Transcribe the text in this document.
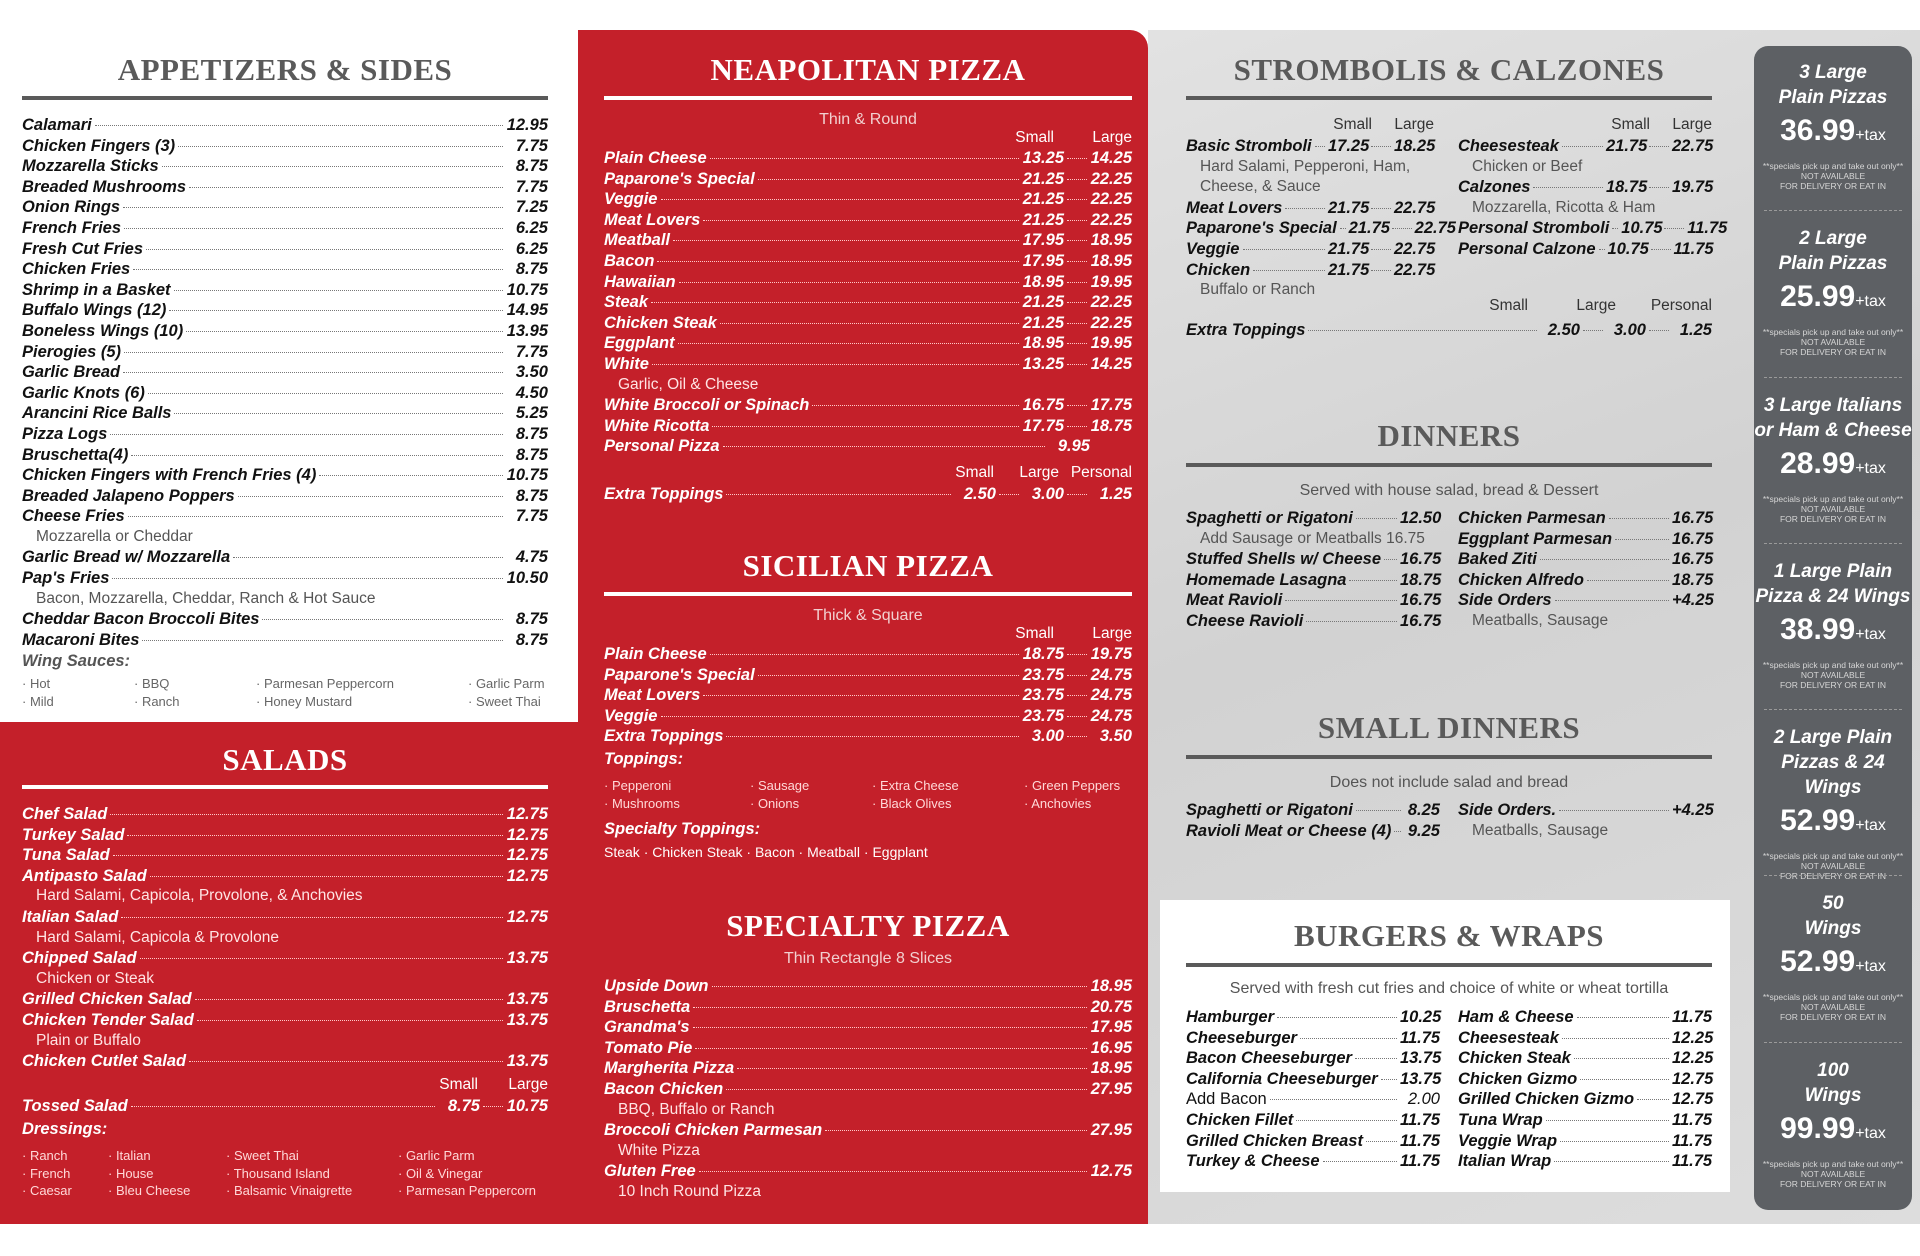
APPETIZERS & SIDES
Calamari	12.95
Chicken Fingers (3)	7.75
Mozzarella Sticks	8.75
Breaded Mushrooms	7.75
Onion Rings	7.25
French Fries	6.25
Fresh Cut Fries	6.25
Chicken Fries	8.75
Shrimp in a Basket	10.75
Buffalo Wings (12)	14.95
Boneless Wings (10)	13.95
Pierogies (5)	7.75
Garlic Bread	3.50
Garlic Knots (6)	4.50
Arancini Rice Balls	5.25
Pizza Logs	8.75
Bruschetta(4)	8.75
Chicken Fingers with French Fries (4)	10.75
Breaded Jalapeno Poppers	8.75
Cheese Fries	7.75
Mozzarella or Cheddar
Garlic Bread w/ Mozzarella	4.75
Pap's Fries	10.50
Bacon, Mozzarella, Cheddar, Ranch & Hot Sauce
Cheddar Bacon Broccoli Bites	8.75
Macaroni Bites	8.75
Wing Sauces:
· Hot	· BBQ	· Parmesan Peppercorn	· Garlic Parm
· Mild	· Ranch	· Honey Mustard	· Sweet Thai
SALADS
Chef Salad	12.75
Turkey Salad	12.75
Tuna Salad	12.75
Antipasto Salad	12.75
Hard Salami, Capicola, Provolone, & Anchovies
Italian Salad	12.75
Hard Salami, Capicola & Provolone
Chipped Salad	13.75
Chicken or Steak
Grilled Chicken Salad	13.75
Chicken Tender Salad	13.75
Plain or Buffalo
Chicken Cutlet Salad	13.75
Small	Large
Tossed Salad	8.75 10.75
Dressings:
· Ranch	· Italian	· Sweet Thai	· Garlic Parm
· French	· House	· Thousand Island	· Oil & Vinegar
· Caesar	· Bleu Cheese	· Balsamic Vinaigrette	· Parmesan Peppercorn
NEAPOLITAN PIZZA
Thin & Round
Small	Large
Plain Cheese	13.25 14.25
Paparone's Special	21.25 22.25
Veggie	21.25 22.25
Meat Lovers	21.25 22.25
Meatball	17.95 18.95
Bacon	17.95 18.95
Hawaiian	18.95 19.95
Steak	21.25 22.25
Chicken Steak	21.25 22.25
Eggplant	18.95 19.95
White	13.25 14.25
Garlic, Oil & Cheese
White Broccoli or Spinach	16.75 17.75
White Ricotta	17.75 18.75
Personal Pizza	9.95
Small	Large Personal
Extra Toppings	2.50	3.00	1.25
SICILIAN PIZZA
Thick & Square
Small	Large
Plain Cheese	18.75 19.75
Paparone's Special	23.75 24.75
Meat Lovers	23.75 24.75
Veggie	23.75 24.75
Extra Toppings	3.00	3.50
Toppings:
· Pepperoni	· Sausage	· Extra Cheese	· Green Peppers
· Mushrooms	· Onions	· Black Olives	· Anchovies
Specialty Toppings:
Steak · Chicken Steak · Bacon · Meatball · Eggplant
SPECIALTY PIZZA
Thin Rectangle 8 Slices
Upside Down	18.95
Bruschetta	20.75
Grandma's	17.95
Tomato Pie	16.95
Margherita Pizza	18.95
Bacon Chicken	27.95
BBQ, Buffalo or Ranch
Broccoli Chicken Parmesan	27.95
White Pizza
Gluten Free	12.75
10 Inch Round Pizza
STROMBOLIS & CALZONES
Small	Large	Small	Large
Basic Stromboli 17.25 18.25
Hard Salami, Pepperoni, Ham,
Cheese, & Sauce
Meat Lovers	21.75 22.75
Paparone's Special 21.75 22.75
Veggie	21.75 22.75
Chicken	21.75 22.75
Buffalo or Ranch
Cheesesteak	21.75 22.75
Chicken or Beef
Calzones	18.75 19.75
Mozzarella, Ricotta & Ham
Personal Stromboli 10.75 11.75
Personal Calzone 10.75 11.75
Small	Large	Personal
Extra Toppings	2.50	3.00	1.25
DINNERS
Served with house salad, bread & Dessert
Spaghetti or Rigatoni	12.50
Add Sausage or Meatballs 16.75
Stuffed Shells w/ Cheese 16.75
Homemade Lasagna	18.75
Meat Ravioli	16.75
Cheese Ravioli	16.75
Chicken Parmesan	16.75
Eggplant Parmesan	16.75
Baked Ziti	16.75
Chicken Alfredo	18.75
Side Orders	+4.25
Meatballs, Sausage
SMALL DINNERS
Does not include salad and bread
Spaghetti or Rigatoni	8.25
Ravioli Meat or Cheese (4) 9.25
Side Orders.	+4.25
Meatballs, Sausage
BURGERS & WRAPS
Served with fresh cut fries and choice of white or wheat tortilla
Hamburger	10.25
Cheeseburger	11.75
Bacon Cheeseburger	13.75
California Cheeseburger 13.75
Add Bacon	2.00
Chicken Fillet	11.75
Grilled Chicken Breast 11.75
Turkey & Cheese	11.75
Ham & Cheese	11.75
Cheesesteak	12.25
Chicken Steak	12.25
Chicken Gizmo	12.75
Grilled Chicken Gizmo 12.75
Tuna Wrap	11.75
Veggie Wrap	11.75
Italian Wrap	11.75
3 Large
Plain Pizzas
36.99+tax
**specials pick up and take out only**
NOT AVAILABLE
FOR DELIVERY OR EAT IN
2 Large
Plain Pizzas
25.99+tax
**specials pick up and take out only**
NOT AVAILABLE
FOR DELIVERY OR EAT IN
3 Large Italians
or Ham & Cheese
28.99+tax
**specials pick up and take out only**
NOT AVAILABLE
FOR DELIVERY OR EAT IN
1 Large Plain
Pizza & 24 Wings
38.99+tax
**specials pick up and take out only**
NOT AVAILABLE
FOR DELIVERY OR EAT IN
2 Large Plain
Pizzas & 24 Wings
52.99+tax
**specials pick up and take out only**
NOT AVAILABLE
FOR DELIVERY OR EAT IN
50
Wings
52.99+tax
**specials pick up and take out only**
NOT AVAILABLE
FOR DELIVERY OR EAT IN
100
Wings
99.99+tax
**specials pick up and take out only**
NOT AVAILABLE
FOR DELIVERY OR EAT IN
